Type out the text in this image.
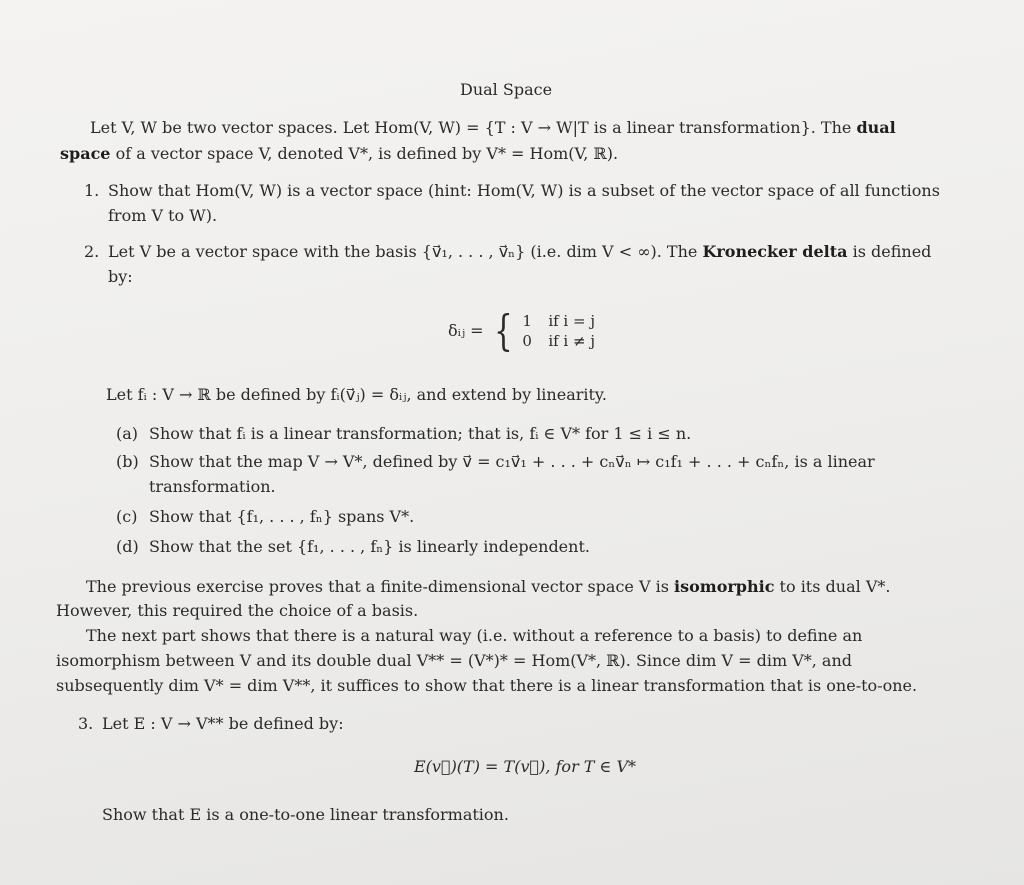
Dual Space
Let V, W be two vector spaces. Let Hom(V, W) = {T : V → W|T is a linear transformation}. The dual
space of a vector space V, denoted V*, is defined by V* = Hom(V, ℝ).
1. Show that Hom(V, W) is a vector space (hint: Hom(V, W) is a subset of the vector space of all functions
from V to W).
2. Let V be a vector space with the basis {v⃗₁, . . . , v⃗ₙ} (i.e. dim V < ∞). The Kronecker delta is defined
by:
δᵢⱼ = { 1 if i = j
0 if i ≠ j
Let fᵢ : V → ℝ be defined by fᵢ(v⃗ⱼ) = δᵢⱼ, and extend by linearity.
(a) Show that fᵢ is a linear transformation; that is, fᵢ ∈ V* for 1 ≤ i ≤ n.
(b) Show that the map V → V*, defined by v⃗ = c₁v⃗₁ + . . . + cₙv⃗ₙ ↦ c₁f₁ + . . . + cₙfₙ, is a linear
transformation.
(c) Show that {f₁, . . . , fₙ} spans V*.
(d) Show that the set {f₁, . . . , fₙ} is linearly independent.
The previous exercise proves that a finite-dimensional vector space V is isomorphic to its dual V*.
However, this required the choice of a basis.
The next part shows that there is a natural way (i.e. without a reference to a basis) to define an
isomorphism between V and its double dual V** = (V*)* = Hom(V*, ℝ). Since dim V = dim V*, and
subsequently dim V* = dim V**, it suffices to show that there is a linear transformation that is one-to-one.
3. Let E : V → V** be defined by:
E(v⃗)(T) = T(v⃗), for T ∈ V*
Show that E is a one-to-one linear transformation.
